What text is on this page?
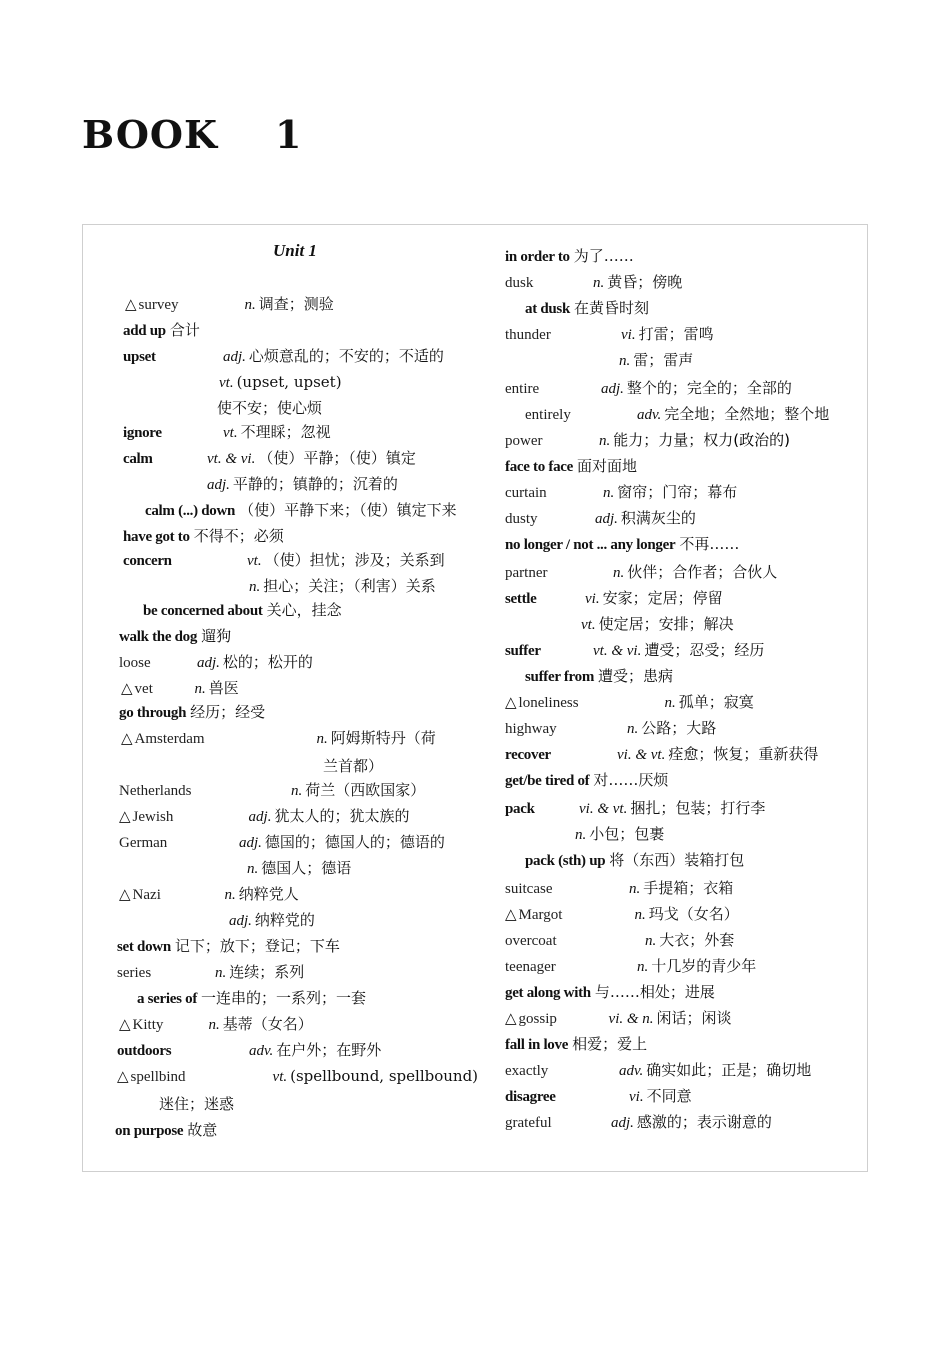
BOOK    1
Unit 1
△ survey	n. 调查；测验
add up 合计
upset	adj. 心烦意乱的；不安的；不适的
vt. (upset, upset)
使不安；使心烦
ignore	vt. 不理睬；忽视
calm	vt. & vi. （使）平静；（使）镇定
adj. 平静的；镇静的；沉着的
calm (...) down （使）平静下来；（使）镇定下来
have got to 不得不；必须
concern	vt. （使）担忧；涉及；关系到
n. 担心；关注；（利害）关系
be concerned about 关心，挂念
walk the dog 遛狗
loose	adj. 松的；松开的
△ vet	n. 兽医
go through 经历；经受
△ Amsterdam	n. 阿姆斯特丹（荷
兰首都）
Netherlands	n. 荷兰（西欧国家）
△ Jewish	adj. 犹太人的；犹太族的
German	adj. 德国的；德国人的；德语的
n. 德国人；德语
△ Nazi	n. 纳粹党人
adj. 纳粹党的
set down 记下；放下；登记；下车
series	n. 连续；系列
a series of 一连串的；一系列；一套
△ Kitty	n. 基蒂（女名）
outdoors	adv. 在户外；在野外
△ spellbind	vt. (spellbound, spellbound)
迷住；迷惑
on purpose 故意
in order to 为了……
dusk	n. 黄昏；傍晚
at dusk 在黄昏时刻
thunder	vi. 打雷；雷鸣
n. 雷；雷声
entire	adj. 整个的；完全的；全部的
entirely	adv. 完全地；全然地；整个地
power	n. 能力；力量；权力(政治的)
face to face 面对面地
curtain	n. 窗帘；门帘；幕布
dusty	adj. 积满灰尘的
no longer / not ... any longer 不再……
partner	n. 伙伴；合作者；合伙人
settle	vi. 安家；定居；停留
vt. 使定居；安排；解决
suffer	vt. & vi. 遭受；忍受；经历
suffer from 遭受；患病
△ loneliness	n. 孤单；寂寞
highway	n. 公路；大路
recover	vi. & vt. 痊愈；恢复；重新获得
get/be tired of 对……厌烦
pack	vi. & vt. 捆扎；包装；打行李
n. 小包；包裹
pack (sth) up 将（东西）装箱打包
suitcase	n. 手提箱；衣箱
△ Margot	n. 玛戈（女名）
overcoat	n. 大衣；外套
teenager	n. 十几岁的青少年
get along with 与……相处；进展
△ gossip	vi. & n. 闲话；闲谈
fall in love 相爱；爱上
exactly	adv. 确实如此；正是；确切地
disagree	vi. 不同意
grateful	adj. 感激的；表示谢意的
